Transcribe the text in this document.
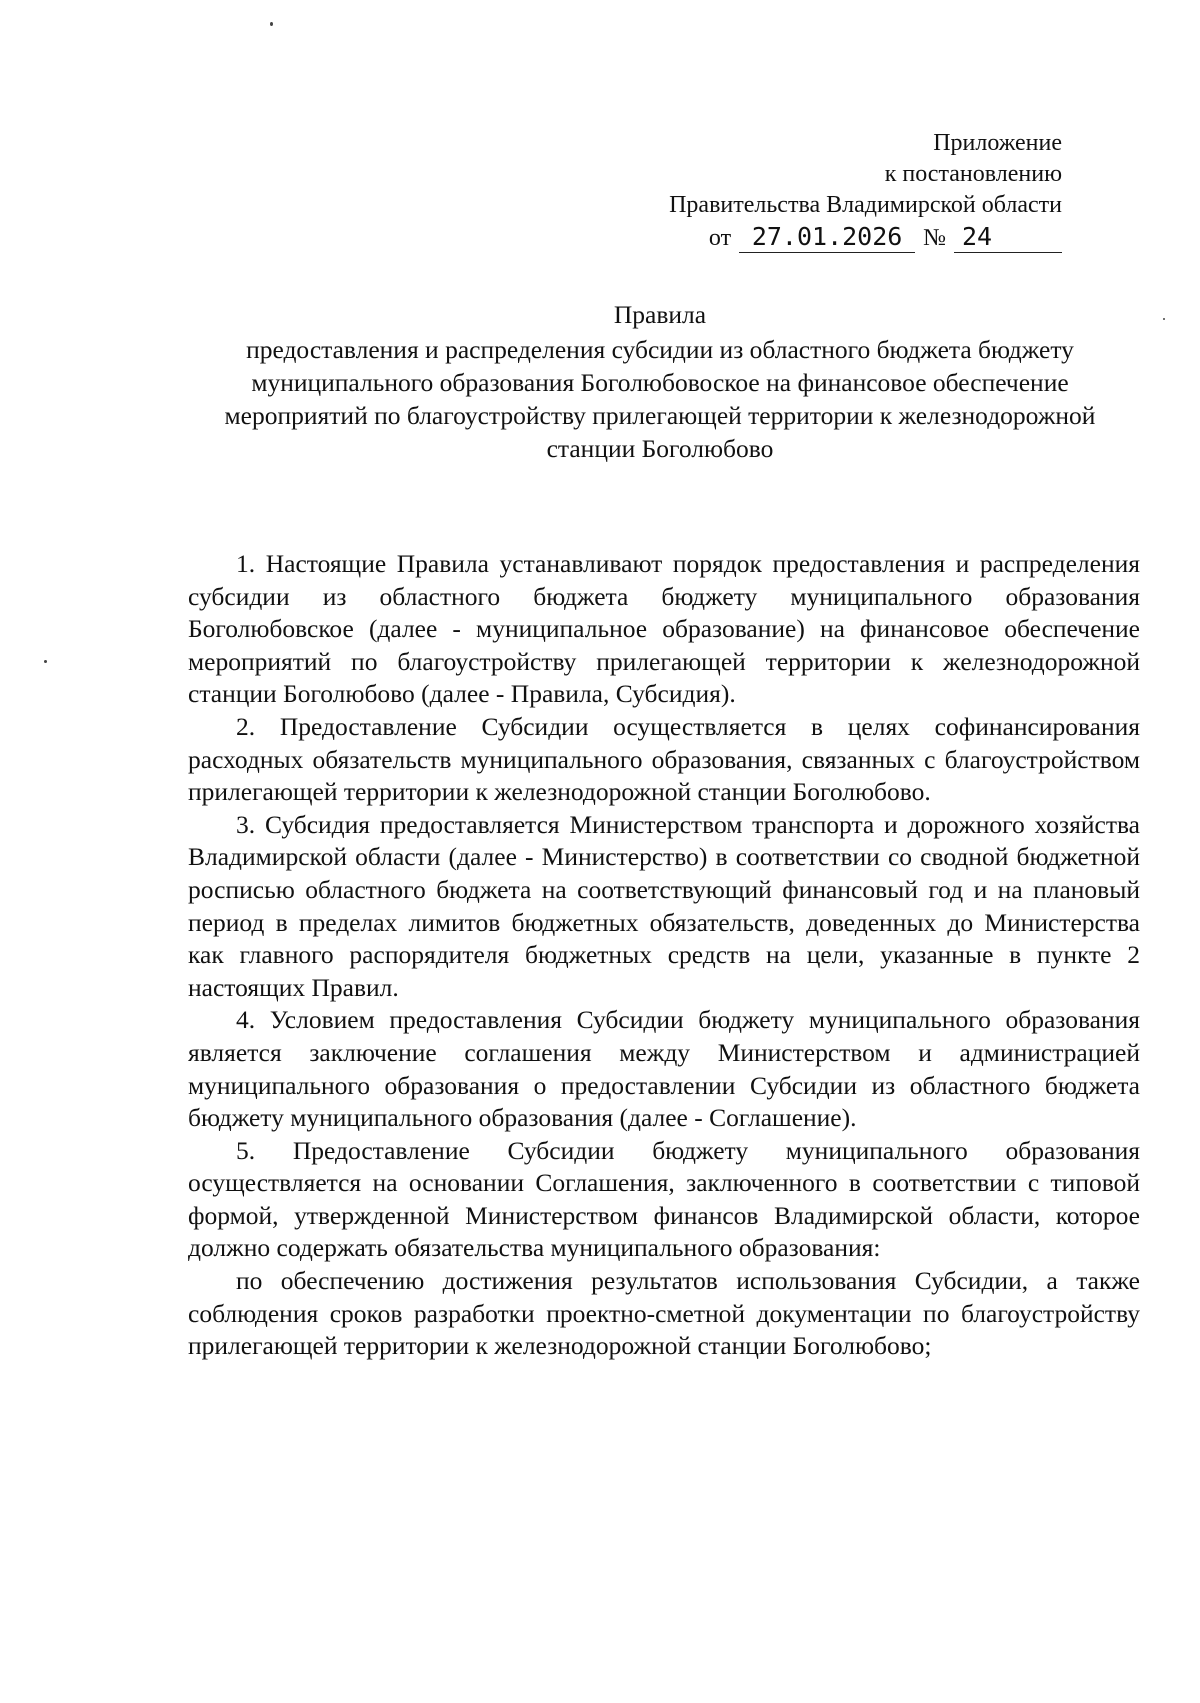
Приложение
к постановлению
Правительства Владимирской области
от 27.01.2026 № 24
Правила
предоставления и распределения субсидии из областного бюджета бюджету муниципального образования Боголюбовоское на финансовое обеспечение мероприятий по благоустройству прилегающей территории к железнодорожной станции Боголюбово

1. Настоящие Правила устанавливают порядок предоставления и распределения субсидии из областного бюджета бюджету муниципального образования Боголюбовское (далее - муниципальное образование) на финансовое обеспечение мероприятий по благоустройству прилегающей территории к железнодорожной станции Боголюбово (далее - Правила, Субсидия).

2. Предоставление Субсидии осуществляется в целях софинансирования расходных обязательств муниципального образования, связанных с благоустройством прилегающей территории к железнодорожной станции Боголюбово.

3. Субсидия предоставляется Министерством транспорта и дорожного хозяйства Владимирской области (далее - Министерство) в соответствии со сводной бюджетной росписью областного бюджета на соответствующий финансовый год и на плановый период в пределах лимитов бюджетных обязательств, доведенных до Министерства как главного распорядителя бюджетных средств на цели, указанные в пункте 2 настоящих Правил.

4. Условием предоставления Субсидии бюджету муниципального образования является заключение соглашения между Министерством и администрацией муниципального образования о предоставлении Субсидии из областного бюджета бюджету муниципального образования (далее - Соглашение).

5. Предоставление Субсидии бюджету муниципального образования осуществляется на основании Соглашения, заключенного в соответствии с типовой формой, утвержденной Министерством финансов Владимирской области, которое должно содержать обязательства муниципального образования:

по обеспечению достижения результатов использования Субсидии, а также соблюдения сроков разработки проектно-сметной документации по благоустройству прилегающей территории к железнодорожной станции Боголюбово;
